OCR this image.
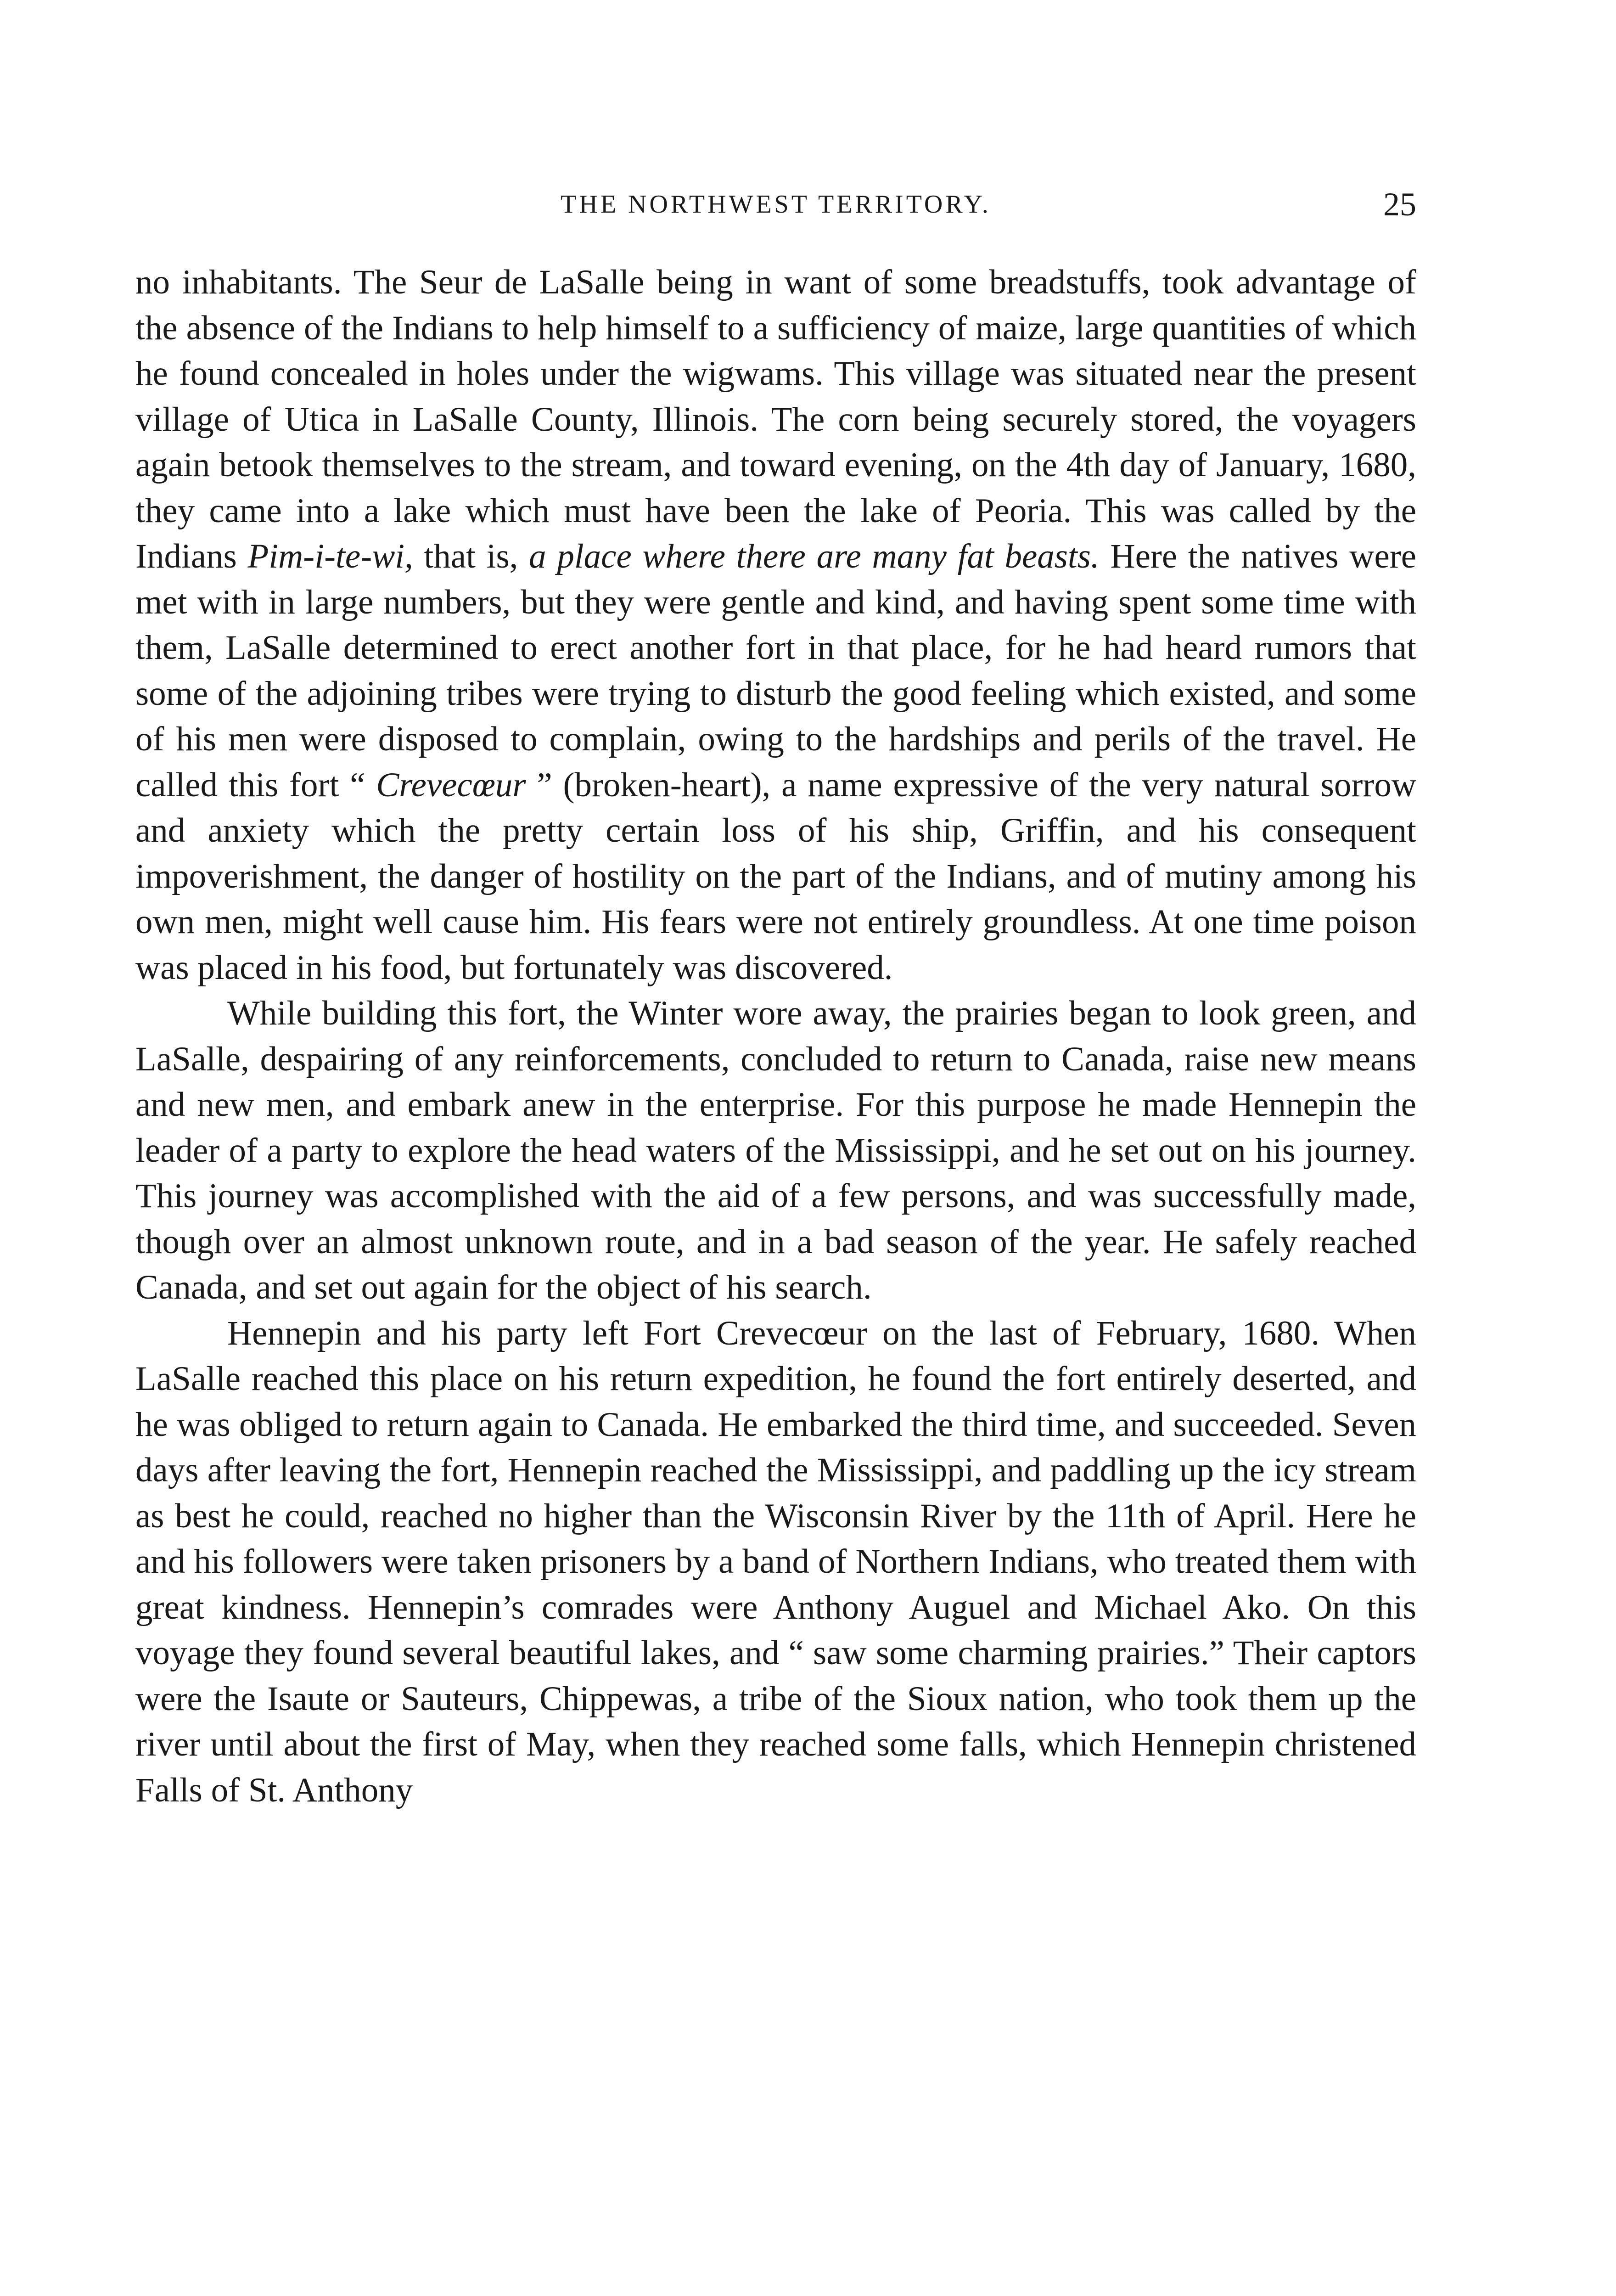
THE NORTHWEST TERRITORY.	25

no inhabitants. The Seur de LaSalle being in want of some breadstuffs, took advantage of the absence of the Indians to help himself to a sufficiency of maize, large quantities of which he found concealed in holes under the wigwams. This village was situated near the present village of Utica in LaSalle County, Illinois. The corn being securely stored, the voyagers again betook themselves to the stream, and toward evening, on the 4th day of January, 1680, they came into a lake which must have been the lake of Peoria. This was called by the Indians Pim-i-te-wi, that is, a place where there are many fat beasts. Here the natives were met with in large numbers, but they were gentle and kind, and having spent some time with them, LaSalle determined to erect another fort in that place, for he had heard rumors that some of the adjoining tribes were trying to disturb the good feeling which existed, and some of his men were disposed to complain, owing to the hardships and perils of the travel. He called this fort “ Crevecœur ” (broken-heart), a name expressive of the very natural sorrow and anxiety which the pretty certain loss of his ship, Griffin, and his consequent impoverishment, the danger of hostility on the part of the Indians, and of mutiny among his own men, might well cause him. His fears were not entirely groundless. At one time poison was placed in his food, but fortunately was discovered.

While building this fort, the Winter wore away, the prairies began to look green, and LaSalle, despairing of any reinforcements, concluded to return to Canada, raise new means and new men, and embark anew in the enterprise. For this purpose he made Hennepin the leader of a party to explore the head waters of the Mississippi, and he set out on his journey. This journey was accomplished with the aid of a few persons, and was successfully made, though over an almost unknown route, and in a bad season of the year. He safely reached Canada, and set out again for the object of his search.

Hennepin and his party left Fort Crevecœur on the last of February, 1680. When LaSalle reached this place on his return expedition, he found the fort entirely deserted, and he was obliged to return again to Canada. He embarked the third time, and succeeded. Seven days after leaving the fort, Hennepin reached the Mississippi, and paddling up the icy stream as best he could, reached no higher than the Wisconsin River by the 11th of April. Here he and his followers were taken prisoners by a band of Northern Indians, who treated them with great kindness. Hennepin’s comrades were Anthony Auguel and Michael Ako. On this voyage they found several beautiful lakes, and “ saw some charming prairies.” Their captors were the Isaute or Sauteurs, Chippewas, a tribe of the Sioux nation, who took them up the river until about the first of May, when they reached some falls, which Hennepin christened Falls of St. Anthony
